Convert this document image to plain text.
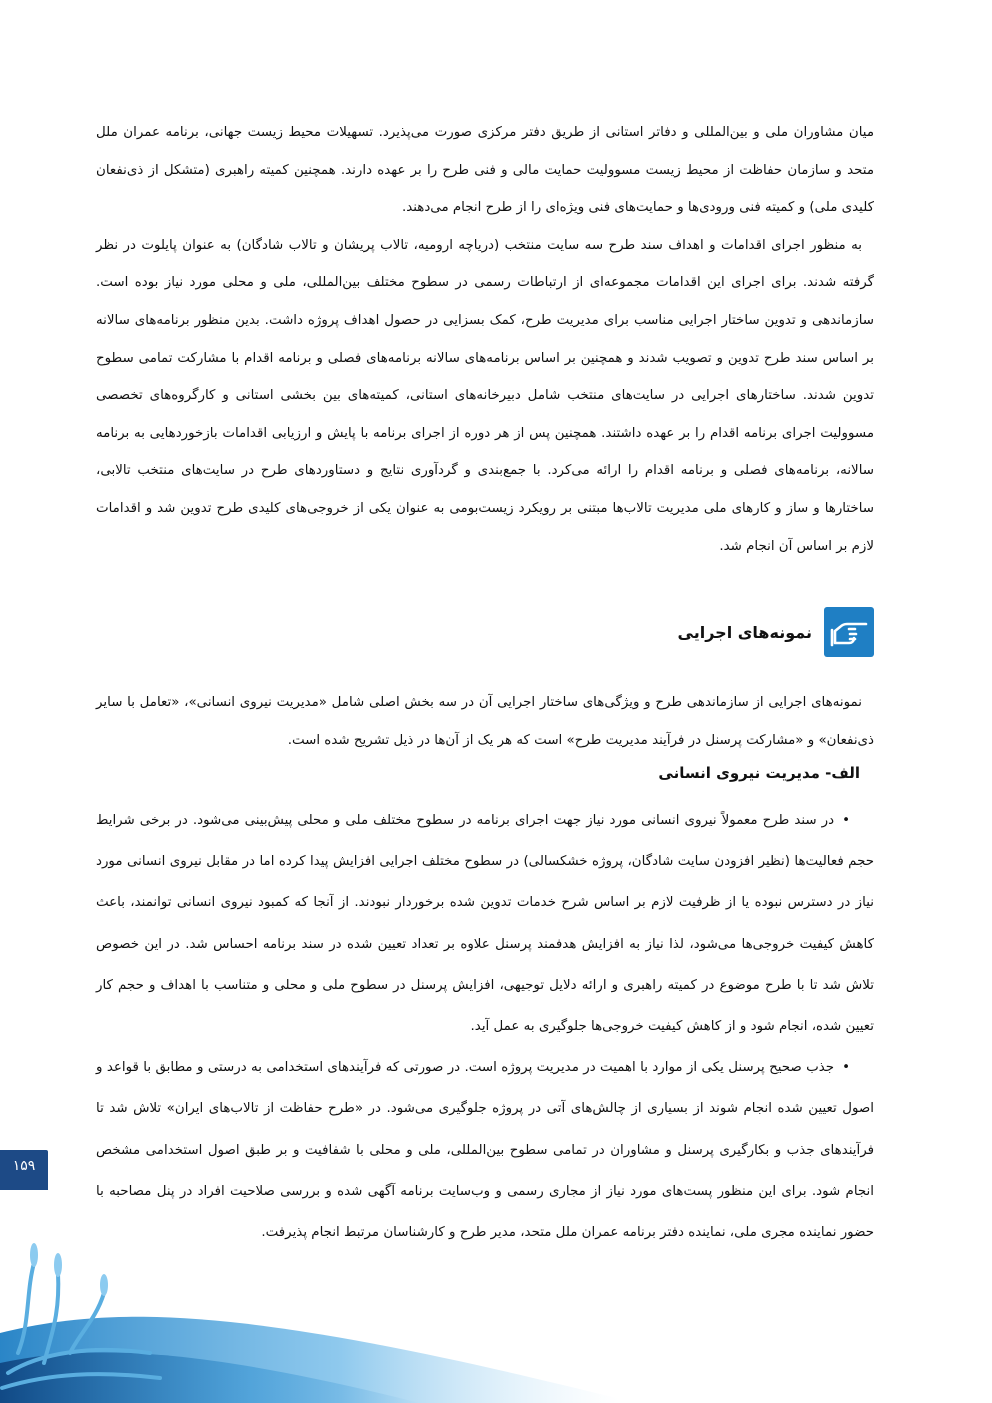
میان مشاوران ملی و بین‌المللی و دفاتر استانی از طریق دفتر مرکزی صورت می‌پذیرد. تسهیلات محیط زیست جهانی، برنامه عمران ملل متحد و سازمان حفاظت از محیط زیست مسوولیت حمایت مالی و فنی طرح را بر عهده دارند. همچنین کمیته راهبری (متشکل از ذی‌نفعان کلیدی ملی) و کمیته فنی ورودی‌ها و حمایت‌های فنی ویژه‌ای را از طرح انجام می‌دهند.

به منظور اجرای اقدامات و اهداف سند طرح سه سایت منتخب (دریاچه ارومیه، تالاب پریشان و تالاب شادگان) به عنوان پایلوت در نظر گرفته شدند. برای اجرای این اقدامات مجموعه‌ای از ارتباطات رسمی در سطوح مختلف بین‌المللی، ملی و محلی مورد نیاز بوده است. سازماندهی و تدوین ساختار اجرایی مناسب برای مدیریت طرح، کمک بسزایی در حصول اهداف پروژه داشت. بدین منظور برنامه‌های سالانه بر اساس سند طرح تدوین و تصویب شدند و همچنین بر اساس برنامه‌های سالانه برنامه‌های فصلی و برنامه اقدام با مشارکت تمامی سطوح تدوین شدند. ساختارهای اجرایی در سایت‌های منتخب شامل دبیرخانه‌های استانی، کمیته‌های بین بخشی استانی و کارگروه‌های تخصصی مسوولیت اجرای برنامه اقدام را بر عهده داشتند. همچنین پس از هر دوره از اجرای برنامه با پایش و ارزیابی اقدامات بازخوردهایی به برنامه سالانه، برنامه‌های فصلی و برنامه اقدام را ارائه می‌کرد. با جمع‌بندی و گردآوری نتایج و دستاوردهای طرح در سایت‌های منتخب تالابی، ساختارها و ساز و کارهای ملی مدیریت تالاب‌ها مبتنی بر رویکرد زیست‌بومی به عنوان یکی از خروجی‌های کلیدی طرح تدوین شد و اقدامات لازم بر اساس آن انجام شد.

نمونه‌های اجرایی

نمونه‌های اجرایی از سازماندهی طرح و ویژگی‌های ساختار اجرایی آن در سه بخش اصلی شامل «مدیریت نیروی انسانی»، «تعامل با سایر ذی‌نفعان» و «مشارکت پرسنل در فرآیند مدیریت طرح» است که هر یک از آن‌ها در ذیل تشریح شده است.

الف- مدیریت نیروی انسانی

•در سند طرح معمولاً نیروی انسانی مورد نیاز جهت اجرای برنامه در سطوح مختلف ملی و محلی پیش‌بینی می‌شود. در برخی شرایط حجم فعالیت‌ها (نظیر افزودن سایت شادگان، پروژه خشکسالی) در سطوح مختلف اجرایی افزایش پیدا کرده اما در مقابل نیروی انسانی مورد نیاز در دسترس نبوده یا از ظرفیت لازم بر اساس شرح خدمات تدوین شده برخوردار نبودند. از آنجا که کمبود نیروی انسانی توانمند، باعث کاهش کیفیت خروجی‌ها می‌شود، لذا نیاز به افزایش هدفمند پرسنل علاوه بر تعداد تعیین شده در سند برنامه احساس شد. در این خصوص تلاش شد تا با طرح موضوع در کمیته راهبری و ارائه دلایل توجیهی، افزایش پرسنل در سطوح ملی و محلی و متناسب با اهداف و حجم کار تعیین شده، انجام شود و از کاهش کیفیت خروجی‌ها جلوگیری به عمل آید.

•جذب صحیح پرسنل یکی از موارد با اهمیت در مدیریت پروژه است. در صورتی که فرآیندهای استخدامی به درستی و مطابق با قواعد و اصول تعیین شده انجام شوند از بسیاری از چالش‌های آتی در پروژه جلوگیری می‌شود. در «طرح حفاظت از تالاب‌های ایران» تلاش شد تا فرآیندهای جذب و بکارگیری پرسنل و مشاوران در تمامی سطوح بین‌المللی، ملی و محلی با شفافیت و بر طبق اصول استخدامی مشخص انجام شود. برای این منظور پست‌های مورد نیاز از مجاری رسمی و وب‌سایت برنامه آگهی شده و بررسی صلاحیت افراد در پنل مصاحبه با حضور نماینده مجری ملی، نماینده دفتر برنامه عمران ملل متحد، مدیر طرح و کارشناسان مرتبط انجام پذیرفت.

۱۵۹
